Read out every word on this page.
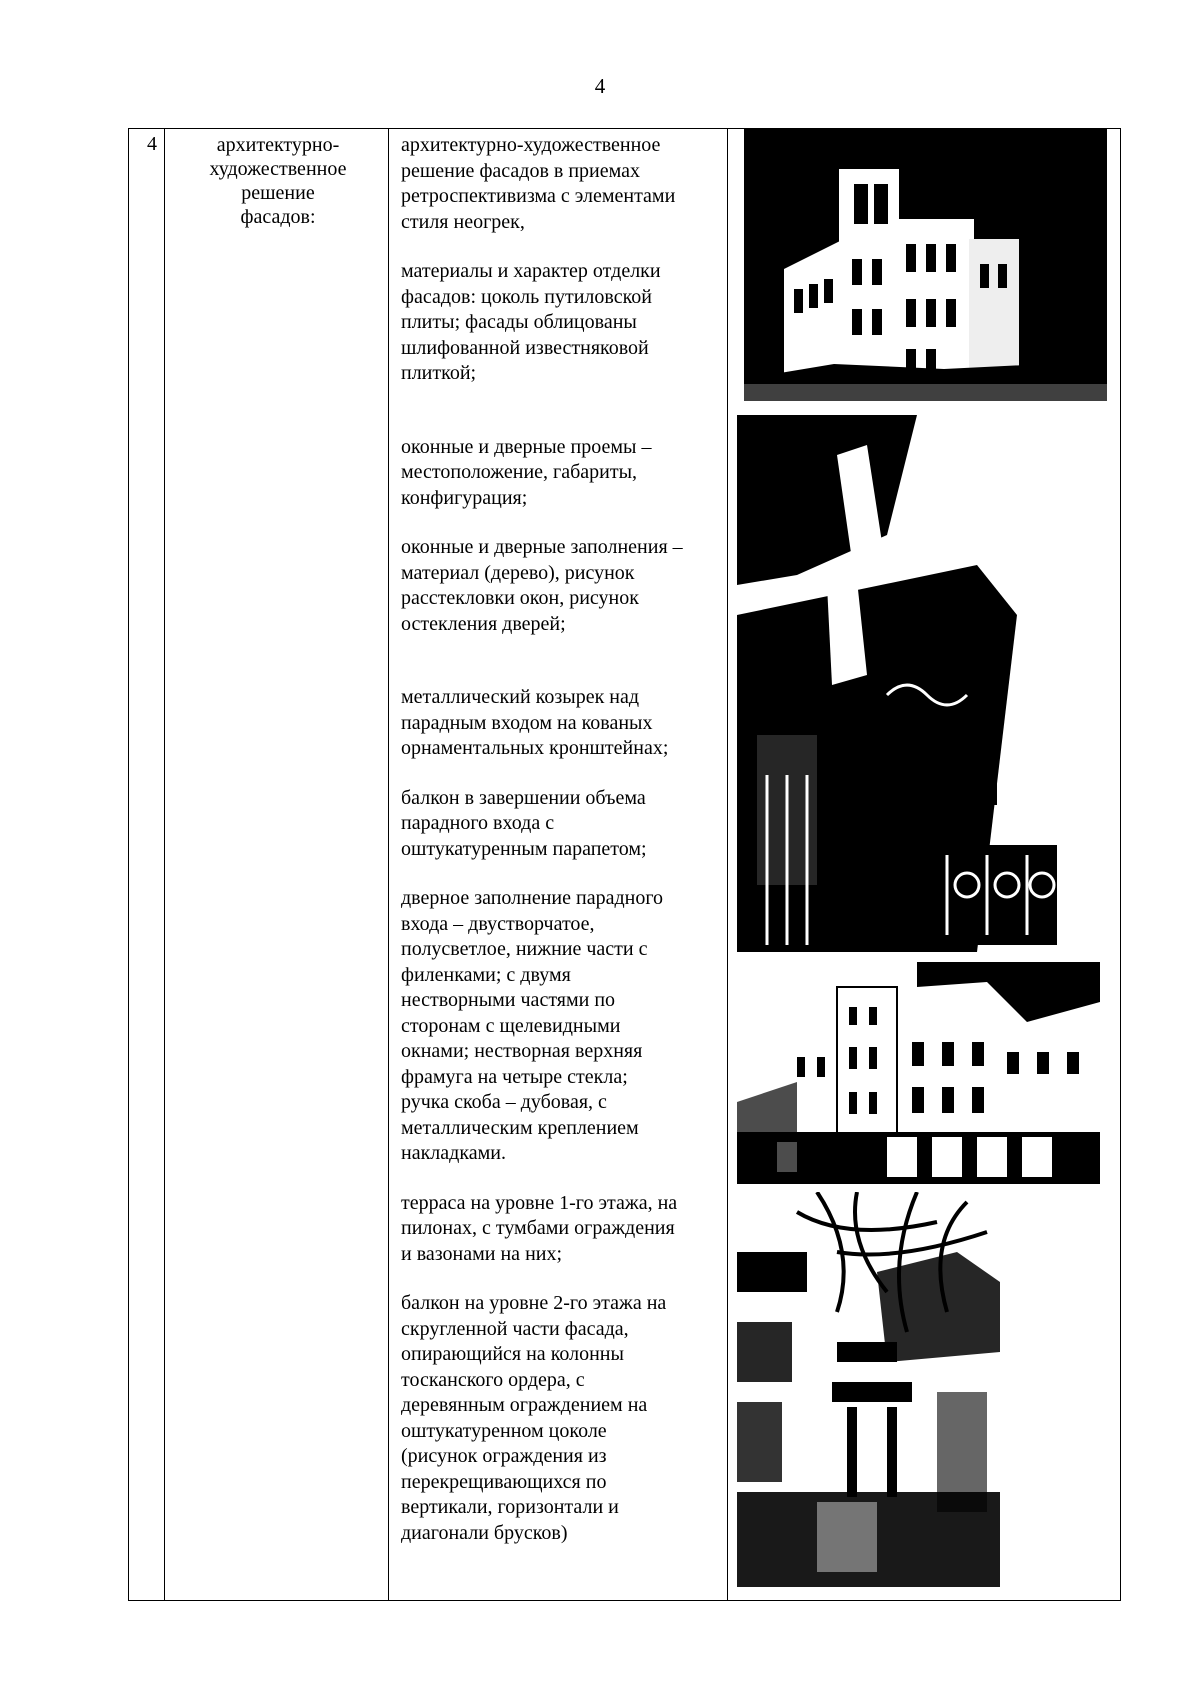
4
4	архитектурно-
художественное
решение
фасадов:
архитектурно-художественное
решение фасадов в приемах
ретроспективизма с элементами
стиля неогрек,
материалы и характер отделки
фасадов: цоколь путиловской
плиты; фасады облицованы
шлифованной известняковой
плиткой;
оконные и дверные проемы –
местоположение, габариты,
конфигурация;
оконные и дверные заполнения –
материал (дерево), рисунок
расстекловки окон, рисунок
остекления дверей;
металлический козырек над
парадным входом на кованых
орнаментальных кронштейнах;
балкон в завершении объема
парадного входа с
оштукатуренным парапетом;
дверное заполнение парадного
входа – двустворчатое,
полусветлое, нижние части с
филенками; с двумя
нестворными частями по
сторонам с щелевидными
окнами; нестворная верхняя
фрамуга на четыре стекла;
ручка скоба – дубовая, с
металлическим креплением
накладками.
терраса на уровне 1-го этажа, на
пилонах, с тумбами ограждения
и вазонами на них;
балкон на уровне 2-го этажа на
скругленной части фасада,
опирающийся на колонны
тосканского ордера, с
деревянным ограждением на
оштукатуренном цоколе
(рисунок ограждения из
перекрещивающихся по
вертикали, горизонтали и
диагонали брусков)
